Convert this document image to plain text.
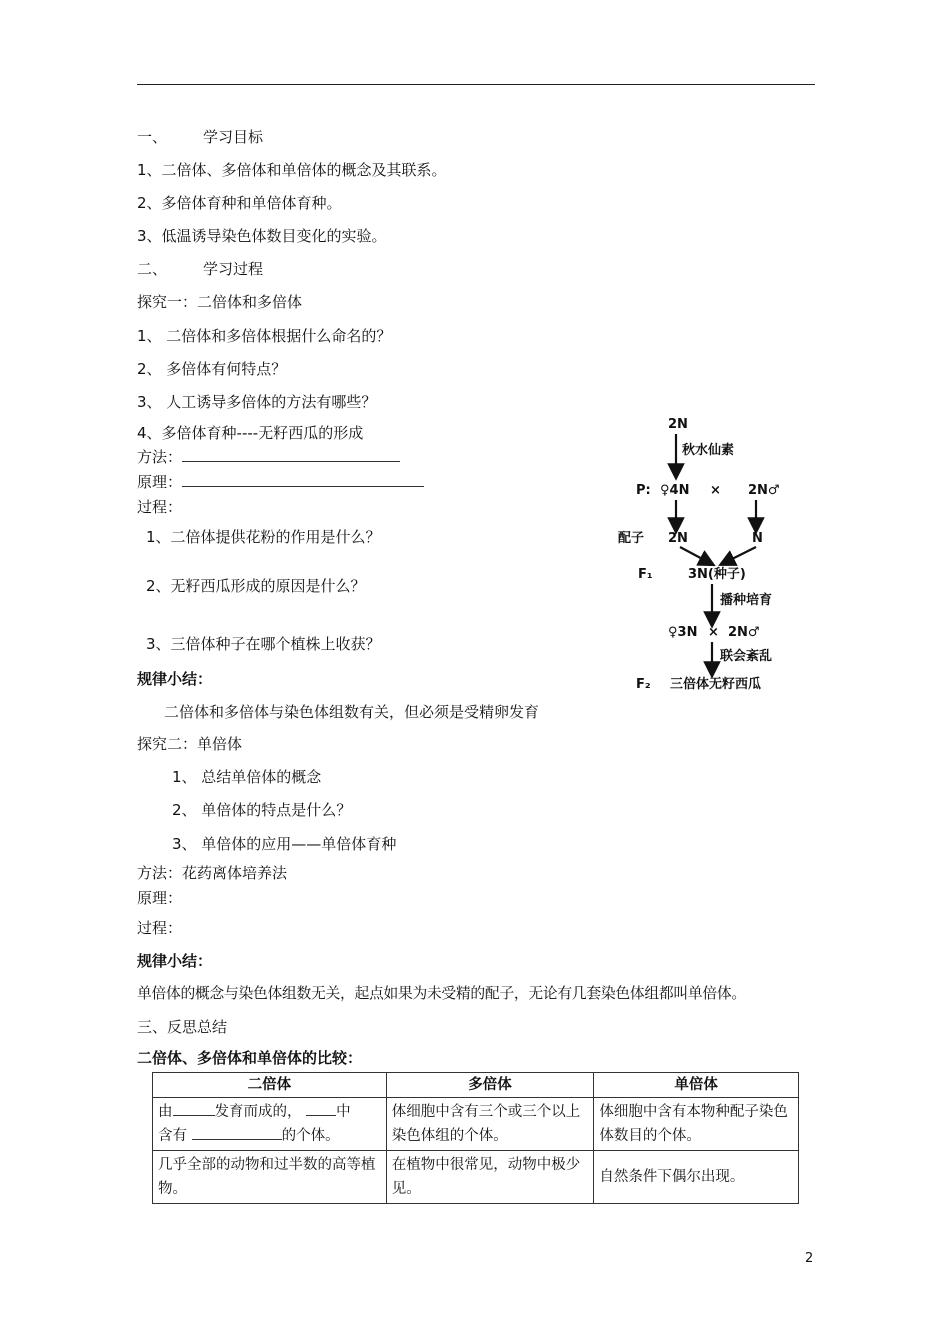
一、 学习目标
1、二倍体、多倍体和单倍体的概念及其联系。
2、多倍体育种和单倍体育种。
3、低温诱导染色体数目变化的实验。
二、 学习过程
探究一：二倍体和多倍体
1、 二倍体和多倍体根据什么命名的？
2、 多倍体有何特点？
3、 人工诱导多倍体的方法有哪些？
4、多倍体育种----无籽西瓜的形成
方法：
原理：
过程：
1、二倍体提供花粉的作用是什么？
2、无籽西瓜形成的原因是什么？
3、三倍体种子在哪个植株上收获？
规律小结：
二倍体和多倍体与染色体组数有关，但必须是受精卵发育
2N
秋水仙素
P: ♀4N × 2N♂
配子 2N	N
F₁	3N(种子)
播种培育
♀3N × 2N♂
联会紊乱
F₂ 三倍体无籽西瓜
探究二：单倍体
1、 总结单倍体的概念
2、 单倍体的特点是什么？
3、 单倍体的应用——单倍体育种
方法：花药离体培养法
原理：
过程：
规律小结：
单倍体的概念与染色体组数无关，起点如果为未受精的配子，无论有几套染色体组都叫单倍体。
三、反思总结
二倍体、多倍体和单倍体的比较：
二倍体	多倍体	单倍体
由 发育而成的， 中
含有 的个体。	体细胞中含有三个或三个以上染色体组的个体。	体细胞中含有本物种配子染色体数目的个体。
几乎全部的动物和过半数的高等植物。	在植物中很常见，动物中极少见。	自然条件下偶尔出现。
2
